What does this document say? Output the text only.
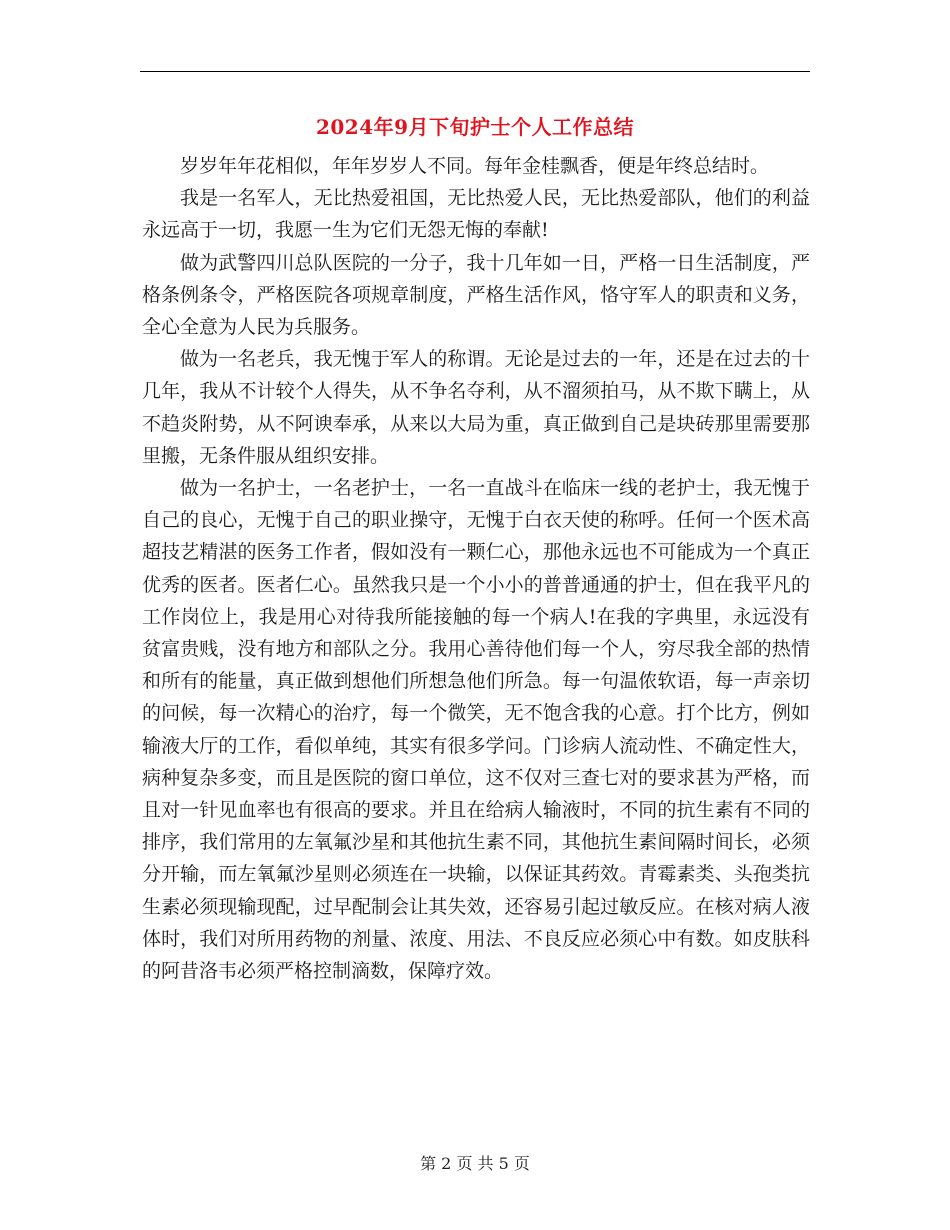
2024年9月下旬护士个人工作总结

岁岁年年花相似，年年岁岁人不同。每年金桂飘香，便是年终总结时。

我是一名军人，无比热爱祖国，无比热爱人民，无比热爱部队，他们的利益永远高于一切，我愿一生为它们无怨无悔的奉献!

做为武警四川总队医院的一分子，我十几年如一日，严格一日生活制度，严格条例条令，严格医院各项规章制度，严格生活作风，恪守军人的职责和义务，全心全意为人民为兵服务。

做为一名老兵，我无愧于军人的称谓。无论是过去的一年，还是在过去的十几年，我从不计较个人得失，从不争名夺利，从不溜须拍马，从不欺下瞒上，从不趋炎附势，从不阿谀奉承，从来以大局为重，真正做到自己是块砖那里需要那里搬，无条件服从组织安排。

做为一名护士，一名老护士，一名一直战斗在临床一线的老护士，我无愧于自己的良心，无愧于自己的职业操守，无愧于白衣天使的称呼。任何一个医术高超技艺精湛的医务工作者，假如没有一颗仁心，那他永远也不可能成为一个真正优秀的医者。医者仁心。虽然我只是一个小小的普普通通的护士，但在我平凡的工作岗位上，我是用心对待我所能接触的每一个病人!在我的字典里，永远没有贫富贵贱，没有地方和部队之分。我用心善待他们每一个人，穷尽我全部的热情和所有的能量，真正做到想他们所想急他们所急。每一句温侬软语，每一声亲切的问候，每一次精心的治疗，每一个微笑，无不饱含我的心意。打个比方，例如输液大厅的工作，看似单纯，其实有很多学问。门诊病人流动性、不确定性大，病种复杂多变，而且是医院的窗口单位，这不仅对三查七对的要求甚为严格，而且对一针见血率也有很高的要求。并且在给病人输液时，不同的抗生素有不同的排序，我们常用的左氧氟沙星和其他抗生素不同，其他抗生素间隔时间长，必须分开输，而左氧氟沙星则必须连在一块输，以保证其药效。青霉素类、头孢类抗生素必须现输现配，过早配制会让其失效，还容易引起过敏反应。在核对病人液体时，我们对所用药物的剂量、浓度、用法、不良反应必须心中有数。如皮肤科的阿昔洛韦必须严格控制滴数，保障疗效。

第 2 页 共 5 页
